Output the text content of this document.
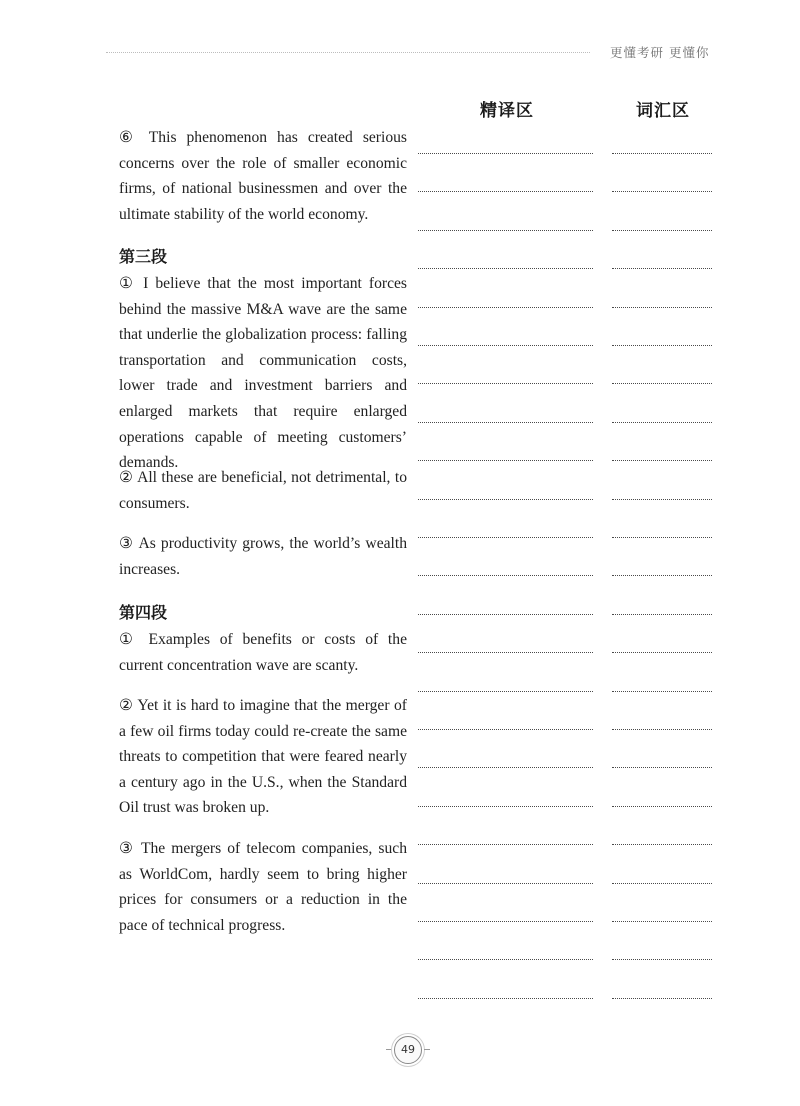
更懂考研 更懂你
精译区	词汇区

⑥ This phenomenon has created serious concerns over the role of smaller economic firms, of national businessmen and over the ultimate stability of the world economy.

第三段

① I believe that the most important forces behind the massive M&A wave are the same that underlie the globalization process: falling transportation and communication costs, lower trade and investment barriers and enlarged markets that require enlarged operations capable of meeting customers’ demands.

② All these are beneficial, not detrimental, to consumers.

③ As productivity grows, the world’s wealth increases.

第四段

① Examples of benefits or costs of the current concentration wave are scanty.

② Yet it is hard to imagine that the merger of a few oil firms today could re-create the same threats to competition that were feared nearly a century ago in the U.S., when the Standard Oil trust was broken up.

③ The mergers of telecom companies, such as WorldCom, hardly seem to bring higher prices for consumers or a reduction in the pace of technical progress.

49
